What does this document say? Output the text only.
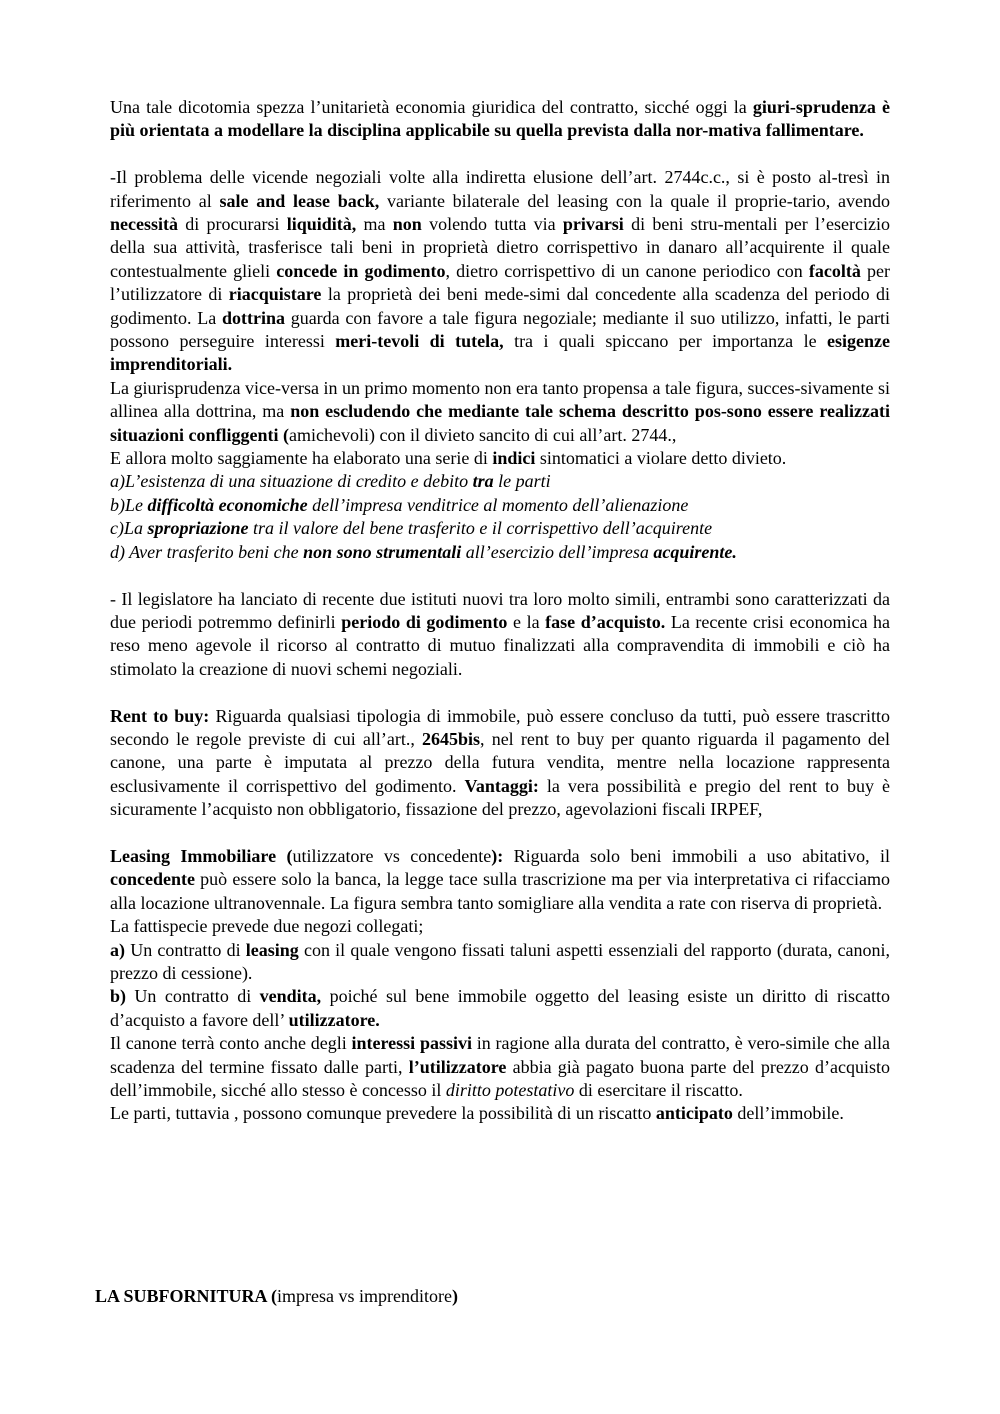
Una tale dicotomia spezza l’unitarietà economia giuridica del contratto, sicché oggi la giuri-sprudenza è più orientata a modellare la disciplina applicabile su quella prevista dalla nor-mativa fallimentare.

-Il problema delle vicende negoziali volte alla indiretta elusione dell’art. 2744c.c., si è posto al-tresì in riferimento al sale and lease back, variante bilaterale del leasing con la quale il proprie-tario, avendo necessità di procurarsi liquidità, ma non volendo tutta via privarsi di beni stru-mentali per l’esercizio della sua attività, trasferisce tali beni in proprietà dietro corrispettivo in danaro all’acquirente il quale contestualmente glieli concede in godimento, dietro corrispettivo di un canone periodico con facoltà per l’utilizzatore di riacquistare la proprietà dei beni mede-simi dal concedente alla scadenza del periodo di godimento. La dottrina guarda con favore a tale figura negoziale; mediante il suo utilizzo, infatti, le parti possono perseguire interessi meri-tevoli di tutela, tra i quali spiccano per importanza le esigenze imprenditoriali.

La giurisprudenza vice-versa in un primo momento non era tanto propensa a tale figura, succes-sivamente si allinea alla dottrina, ma non escludendo che mediante tale schema descritto pos-sono essere realizzati situazioni confliggenti (amichevoli) con il divieto sancito di cui all’art. 2744.,

E allora molto saggiamente ha elaborato una serie di indici sintomatici a violare detto divieto.

a)L’esistenza di una situazione di credito e debito tra le parti
b)Le difficoltà economiche dell’impresa venditrice al momento dell’alienazione
c)La spropriazione tra il valore del bene trasferito e il corrispettivo dell’acquirente
d) Aver trasferito beni che non sono strumentali all’esercizio dell’impresa acquirente.

- Il legislatore ha lanciato di recente due istituti nuovi tra loro molto simili, entrambi sono caratterizzati da due periodi potremmo definirli periodo di godimento e la fase d’acquisto. La recente crisi economica ha reso meno agevole il ricorso al contratto di mutuo finalizzati alla compravendita di immobili e ciò ha stimolato la creazione di nuovi schemi negoziali.

Rent to buy: Riguarda qualsiasi tipologia di immobile, può essere concluso da tutti, può essere trascritto secondo le regole previste di cui all’art., 2645bis, nel rent to buy per quanto riguarda il pagamento del canone, una parte è imputata al prezzo della futura vendita, mentre nella locazione rappresenta esclusivamente il corrispettivo del godimento. Vantaggi: la vera possibilità e pregio del rent to buy è sicuramente l’acquisto non obbligatorio, fissazione del prezzo, agevolazioni fiscali IRPEF,

Leasing Immobiliare (utilizzatore vs concedente): Riguarda solo beni immobili a uso abitativo, il concedente può essere solo la banca, la legge tace sulla trascrizione ma per via interpretativa ci rifacciamo alla locazione ultranovennale. La figura sembra tanto somigliare alla vendita a rate con riserva di proprietà.

La fattispecie prevede due negozi collegati;

a) Un contratto di leasing con il quale vengono fissati taluni aspetti essenziali del rapporto (durata, canoni, prezzo di cessione).

b) Un contratto di vendita, poiché sul bene immobile oggetto del leasing esiste un diritto di riscatto d’acquisto a favore dell’ utilizzatore.

Il canone terrà conto anche degli interessi passivi in ragione alla durata del contratto, è vero-simile che alla scadenza del termine fissato dalle parti, l’utilizzatore abbia già pagato buona parte del prezzo d’acquisto dell’immobile, sicché allo stesso è concesso il diritto potestativo di esercitare il riscatto.

Le parti, tuttavia , possono comunque prevedere la possibilità di un riscatto anticipato dell’immobile.

LA SUBFORNITURA (impresa vs imprenditore)
